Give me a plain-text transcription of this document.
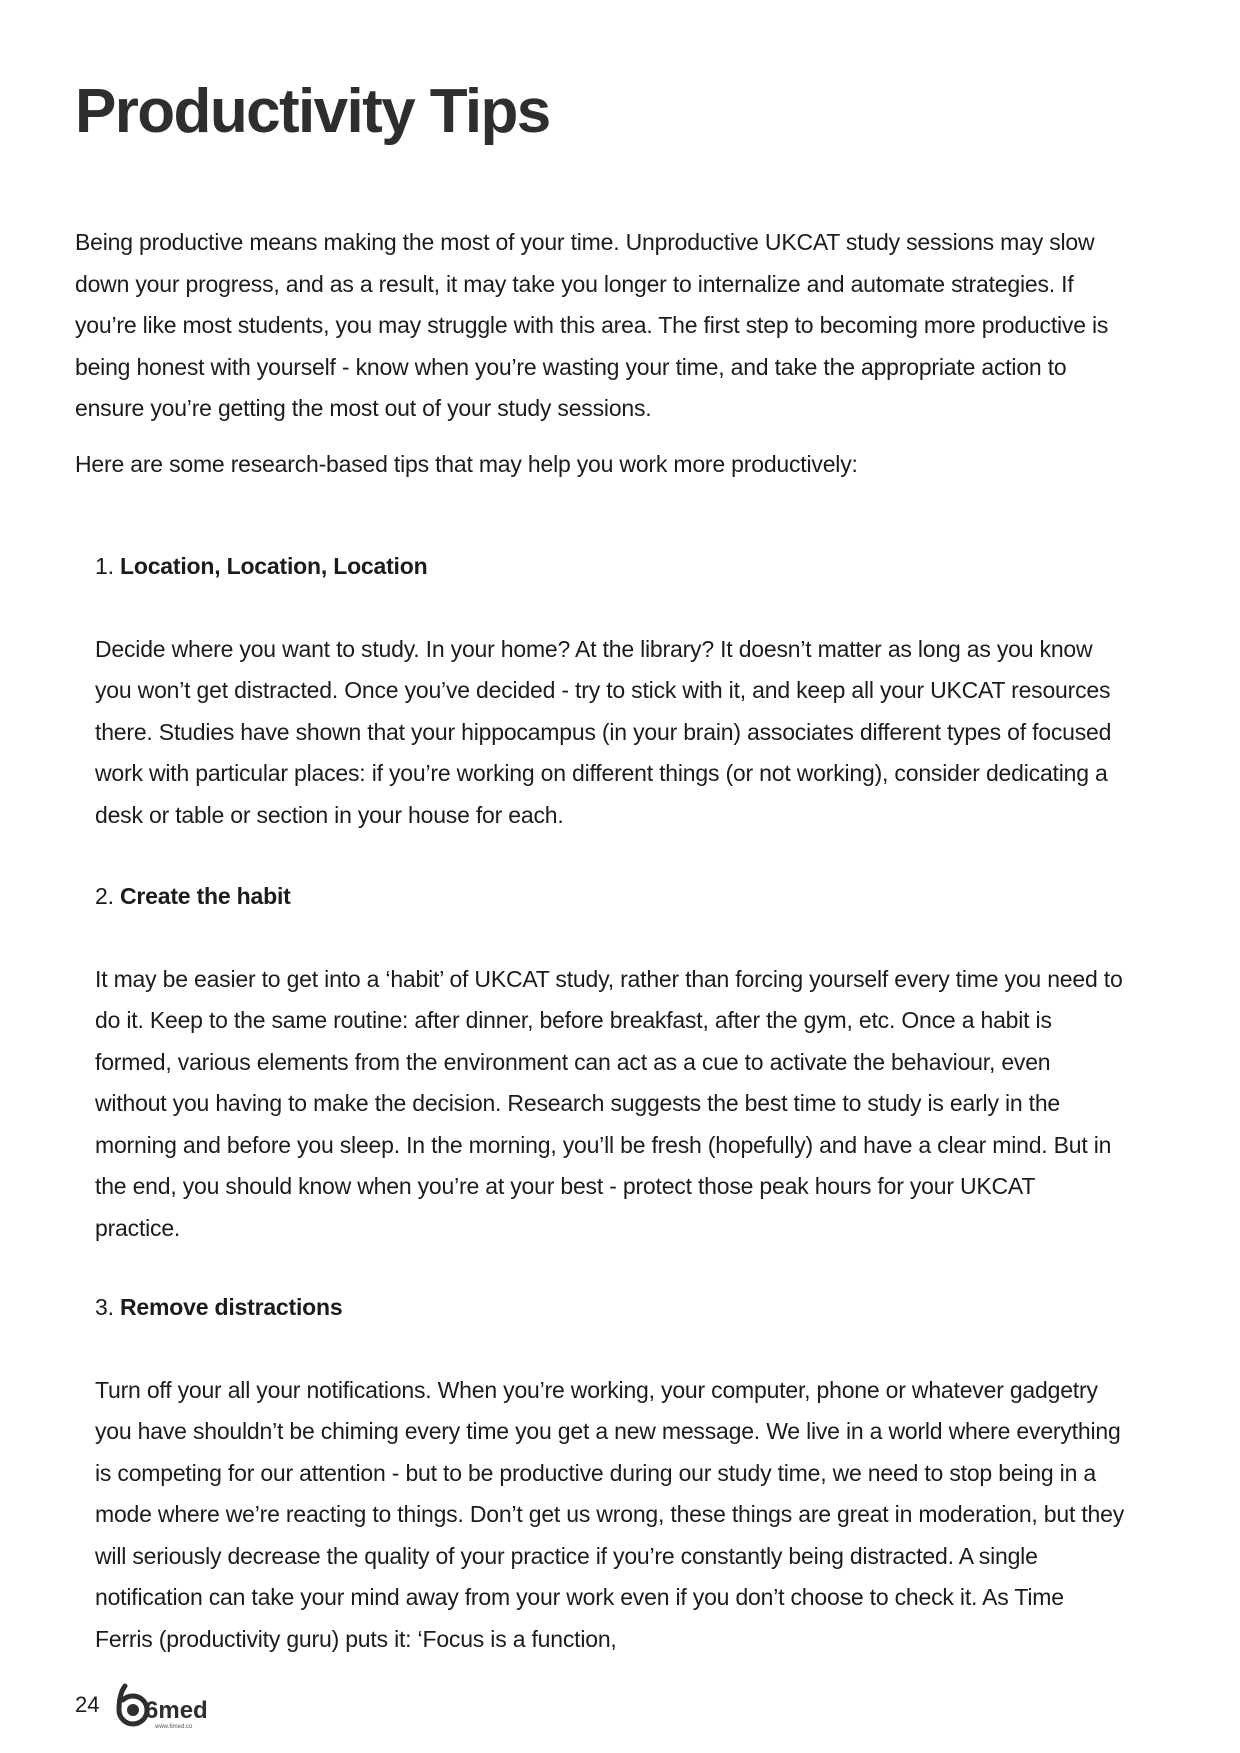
Productivity Tips

Being productive means making the most of your time. Unproductive UKCAT study sessions may slow down your progress, and as a result, it may take you longer to internalize and automate strategies. If you’re like most students, you may struggle with this area. The first step to becoming more productive is being honest with yourself - know when you’re wasting your time, and take the appropriate action to ensure you’re getting the most out of your study sessions.

Here are some research-based tips that may help you work more productively:

1. Location, Location, Location

Decide where you want to study. In your home? At the library? It doesn’t matter as long as you know you won’t get distracted. Once you’ve decided - try to stick with it, and keep all your UKCAT resources there. Studies have shown that your hippocampus (in your brain) associates different types of focused work with particular places: if you’re working on different things (or not working), consider dedicating a desk or table or section in your house for each.

2. Create the habit

It may be easier to get into a ‘habit’ of UKCAT study, rather than forcing yourself every time you need to do it. Keep to the same routine: after dinner, before breakfast, after the gym, etc. Once a habit is formed, various elements from the environment can act as a cue to activate the behaviour, even without you having to make the decision. Research suggests the best time to study is early in the morning and before you sleep. In the morning, you’ll be fresh (hopefully) and have a clear mind. But in the end, you should know when you’re at your best - protect those peak hours for your UKCAT practice.

3. Remove distractions

Turn off your all your notifications. When you’re working, your computer, phone or whatever gadgetry you have shouldn’t be chiming every time you get a new message. We live in a world where everything is competing for our attention - but to be productive during our study time, we need to stop being in a mode where we’re reacting to things. Don’t get us wrong, these things are great in moderation, but they will seriously decrease the quality of your practice if you’re constantly being distracted. A single notification can take your mind away from your work even if you don’t choose to check it. As Time Ferris (productivity guru) puts it: ‘Focus is a function,

24 6med
www.6med.co
